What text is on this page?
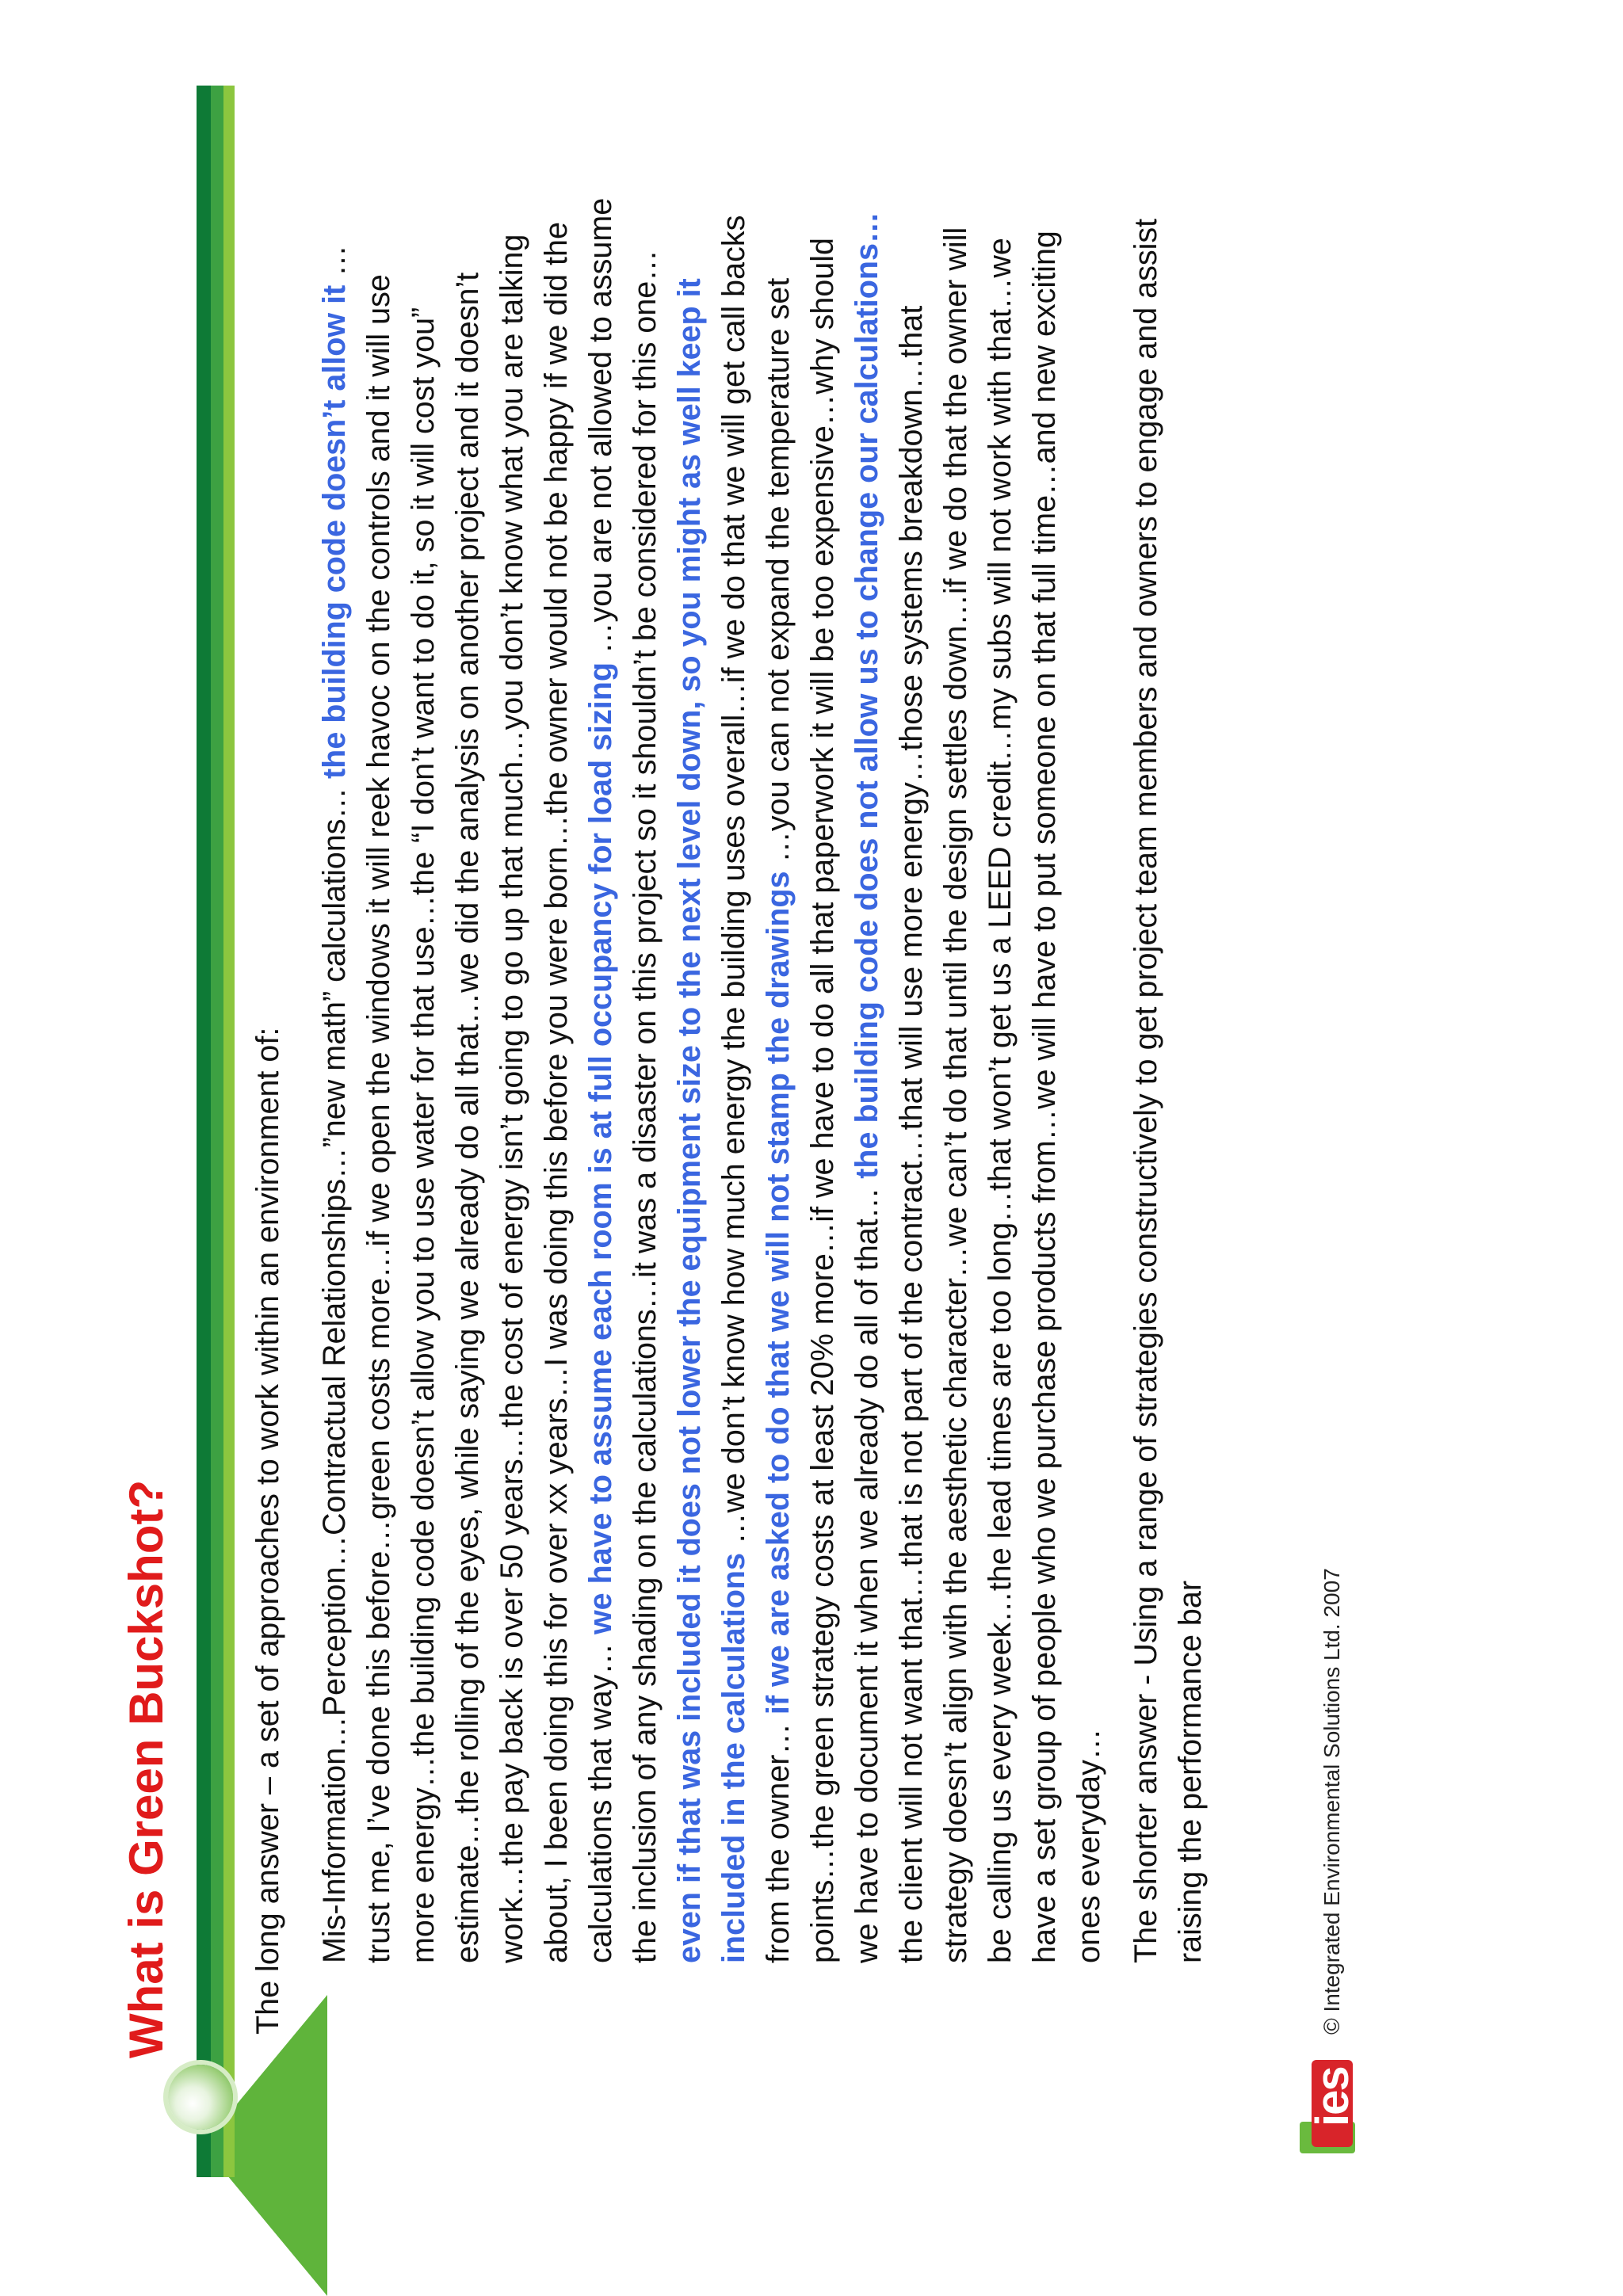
What is Green Buckshot? The long answer – a set of approaches to work within an environment of: Mis-Information…Perception…Contractual Relationships…”new math” calculations… the building code doesn’t allow it …trust me, I’ve done this before…green costs more…if we open the windows it will reek havoc on the controls and it will use more energy…the building code doesn’t allow you to use water for that use…the “I don’t want to do it, so it will cost you” estimate…the rolling of the eyes, while saying we already do all that…we did the analysis on another project and it doesn’t work…the pay back is over 50 years…the cost of energy isn’t going to go up that much…you don’t know what you are talking about, I been doing this for over xx years…I was doing this before you were born…the owner would not be happy if we did the calculations that way… we have to assume each room is at full occupancy for load sizing …you are not allowed to assume the inclusion of any shading on the calculations…it was a disaster on this project so it shouldn’t be considered for this one… even if that was included it does not lower the equipment size to the next level down, so you might as well keep it included in the calculations …we don’t know how much energy the building uses overall…if we do that we will get call backs from the owner… if we are asked to do that we will not stamp the drawings …you can not expand the temperature set points…the green strategy costs at least 20% more…if we have to do all that paperwork it will be too expensive…why should we have to document it when we already do all of that… the building code does not allow us to change our calculations… the client will not want that…that is not part of the contract…that will use more energy…those systems breakdown…that strategy doesn’t align with the aesthetic character…we can’t do that until the design settles down…if we do that the owner will be calling us every week…the lead times are too long…that won’t get us a LEED credit…my subs will not work with that…we have a set group of people who we purchase products from…we will have to put someone on that full time…and new exciting ones everyday… The shorter answer - Using a range of strategies constructively to get project team members and owners to engage and assist raising the performance bar

ies
© Integrated Environmental Solutions Ltd. 2007
